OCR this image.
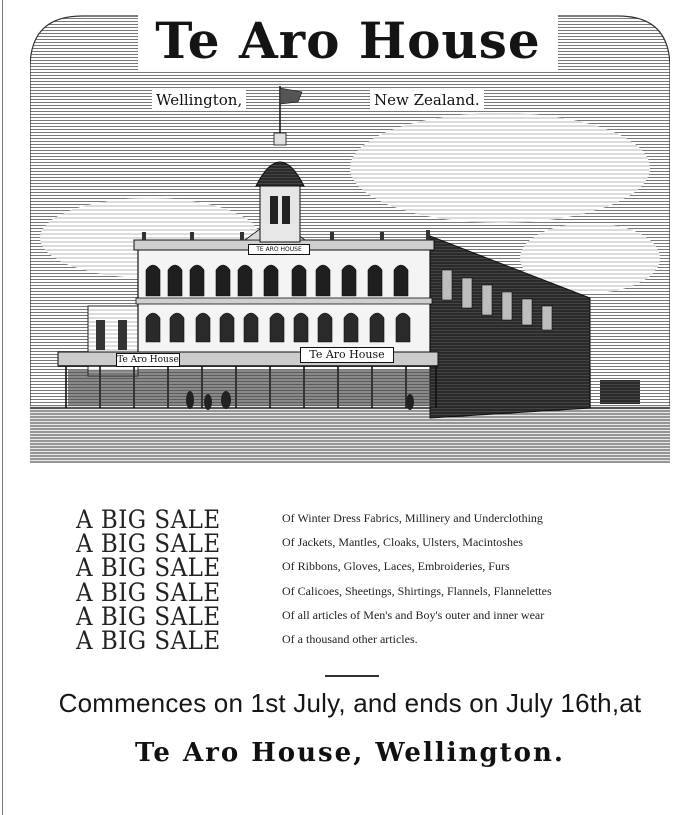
Te Aro House	Te Aro House
TE ARO HOUSE
Te Aro House
Wellington,	New Zealand.
A BIG SALE	Of Winter Dress Fabrics, Millinery and Underclothing
A BIG SALE	Of Jackets, Mantles, Cloaks, Ulsters, Macintoshes
A BIG SALE	Of Ribbons, Gloves, Laces, Embroideries, Furs
A BIG SALE	Of Calicoes, Sheetings, Shirtings, Flannels, Flannelettes
A BIG SALE	Of all articles of Men's and Boy's outer and inner wear
A BIG SALE	Of a thousand other articles.
Commences on 1st July, and ends on July 16th,at
Te Aro House, Wellington.
